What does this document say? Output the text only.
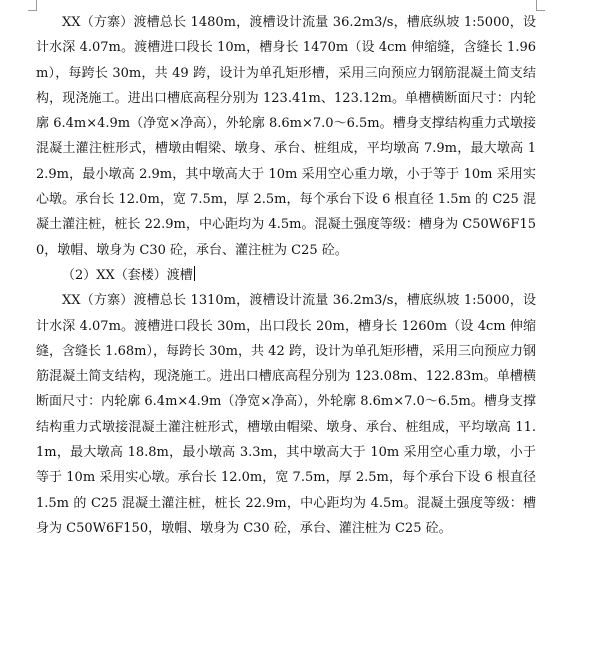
XX（方寨）渡槽总长 1480m，渡槽设计流量 36.2m3/s，槽底纵坡 1:5000，设计水深 4.07m。渡槽进口段长 10m，槽身长 1470m（设 4cm 伸缩缝，含缝长 1.96m），每跨长 30m，共 49 跨，设计为单孔矩形槽，采用三向预应力钢筋混凝土简支结构，现浇施工。进出口槽底高程分别为 123.41m、123.12m。单槽横断面尺寸：内轮廓 6.4m×4.9m（净宽×净高），外轮廓 8.6m×7.0～6.5m。槽身支撑结构重力式墩接混凝土灌注桩形式，槽墩由帽梁、墩身、承台、桩组成，平均墩高 7.9m，最大墩高 12.9m，最小墩高 2.9m，其中墩高大于 10m 采用空心重力墩，小于等于 10m 采用实心墩。承台长 12.0m，宽 7.5m，厚 2.5m，每个承台下设 6 根直径 1.5m 的 C25 混凝土灌注桩，桩长 22.9m，中心距均为 4.5m。混凝土强度等级：槽身为 C50W6F150，墩帽、墩身为 C30 砼，承台、灌注桩为 C25 砼。

（2）XX（套楼）渡槽

XX（方寨）渡槽总长 1310m，渡槽设计流量 36.2m3/s，槽底纵坡 1:5000，设计水深 4.07m。渡槽进口段长 30m，出口段长 20m，槽身长 1260m（设 4cm 伸缩缝，含缝长 1.68m），每跨长 30m，共 42 跨，设计为单孔矩形槽，采用三向预应力钢筋混凝土简支结构，现浇施工。进出口槽底高程分别为 123.08m、122.83m。单槽横断面尺寸：内轮廓 6.4m×4.9m（净宽×净高），外轮廓 8.6m×7.0～6.5m。槽身支撑结构重力式墩接混凝土灌注桩形式，槽墩由帽梁、墩身、承台、桩组成，平均墩高 11.1m，最大墩高 18.8m，最小墩高 3.3m，其中墩高大于 10m 采用空心重力墩，小于等于 10m 采用实心墩。承台长 12.0m，宽 7.5m，厚 2.5m，每个承台下设 6 根直径 1.5m 的 C25 混凝土灌注桩，桩长 22.9m，中心距均为 4.5m。混凝土强度等级：槽身为 C50W6F150，墩帽、墩身为 C30 砼，承台、灌注桩为 C25 砼。
